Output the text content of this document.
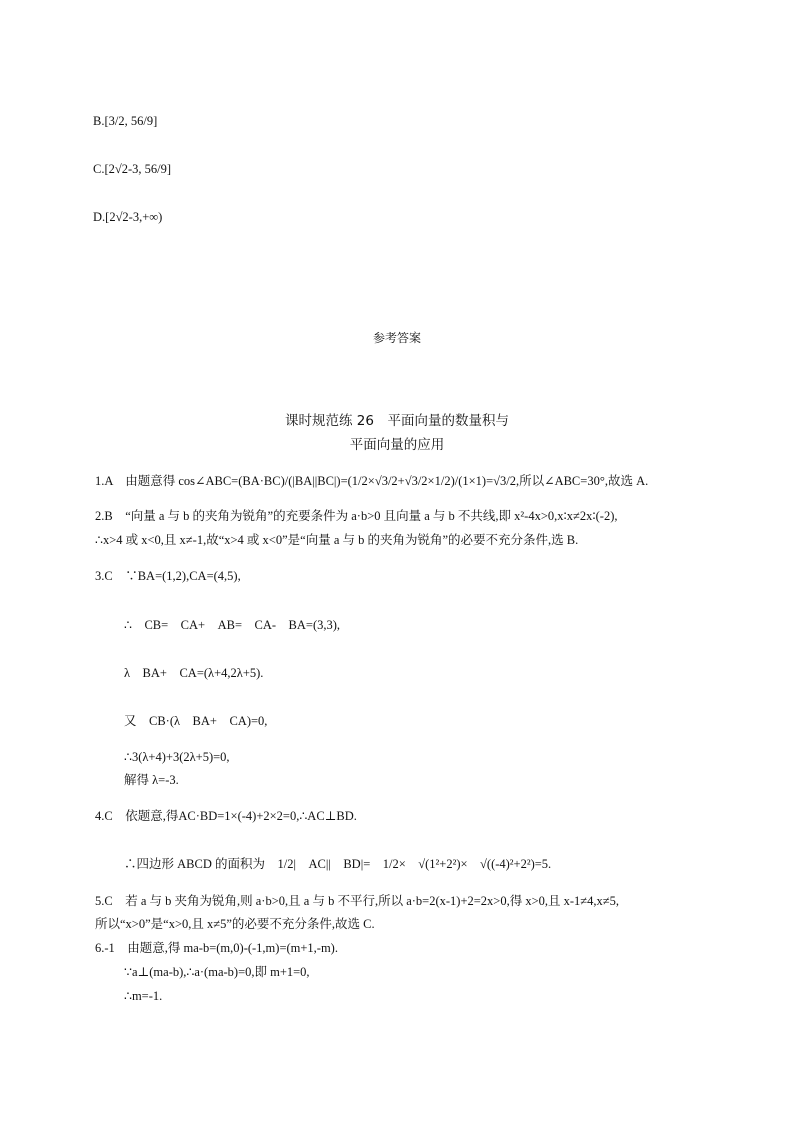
B.[3/2, 56/9]
C.[2√2-3, 56/9]
D.[2√2-3,+∞)
参考答案
课时规范练 26　平面向量的数量积与
平面向量的应用
1.A　由题意得 cos∠ABC=(BA·BC)/(|BA||BC|)=(1/2×√3/2+√3/2×1/2)/(1×1)=√3/2,所以∠ABC=30°,故选 A.
2.B　“向量 a 与 b 的夹角为锐角”的充要条件为 a·b>0 且向量 a 与 b 不共线,即 x²-4x>0,x∶x≠2x∶(-2),
∴x>4 或 x<0,且 x≠-1,故“x>4 或 x<0”是“向量 a 与 b 的夹角为锐角”的必要不充分条件,选 B.
3.C　∵BA=(1,2),CA=(4,5),
∴　CB=　CA+　AB=　CA-　BA=(3,3),
λ　BA+　CA=(λ+4,2λ+5).
又　CB·(λ　BA+　CA)=0,
∴3(λ+4)+3(2λ+5)=0,
解得 λ=-3.
4.C　依题意,得AC·BD=1×(-4)+2×2=0,∴AC⊥BD.
∴四边形 ABCD 的面积为　1/2|　AC||　BD|=　1/2×　√(1²+2²)×　√((-4)²+2²)=5.
5.C　若 a 与 b 夹角为锐角,则 a·b>0,且 a 与 b 不平行,所以 a·b=2(x-1)+2=2x>0,得 x>0,且 x-1≠4,x≠5,
所以“x>0”是“x>0,且 x≠5”的必要不充分条件,故选 C.
6.-1　由题意,得 ma-b=(m,0)-(-1,m)=(m+1,-m).
∵a⊥(ma-b),∴a·(ma-b)=0,即 m+1=0,
∴m=-1.
